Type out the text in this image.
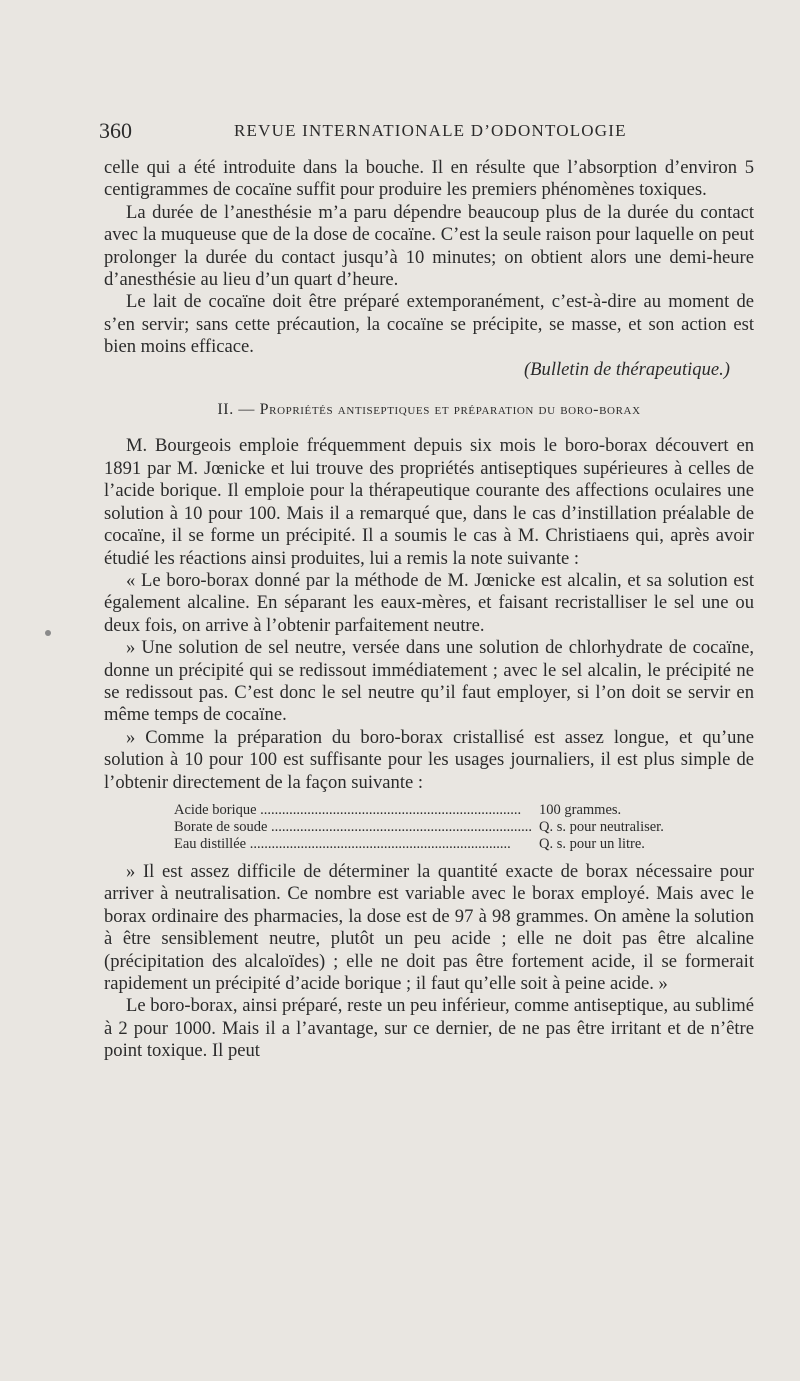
360	REVUE INTERNATIONALE D’ODONTOLOGIE

celle qui a été introduite dans la bouche. Il en résulte que l’absorption d’environ 5 centigrammes de cocaïne suffit pour produire les premiers phénomènes toxiques.

La durée de l’anesthésie m’a paru dépendre beaucoup plus de la durée du contact avec la muqueuse que de la dose de cocaïne. C’est la seule raison pour laquelle on peut prolonger la durée du contact jusqu’à 10 minutes; on obtient alors une demi-heure d’anesthésie au lieu d’un quart d’heure.

Le lait de cocaïne doit être préparé extemporanément, c’est-à-dire au moment de s’en servir; sans cette précaution, la cocaïne se précipite, se masse, et son action est bien moins efficace.

(Bulletin de thérapeutique.)

II. — Propriétés antiseptiques et préparation du boro-borax

M. Bourgeois emploie fréquemment depuis six mois le boro-borax découvert en 1891 par M. Jœnicke et lui trouve des propriétés antiseptiques supérieures à celles de l’acide borique. Il emploie pour la thérapeutique courante des affections oculaires une solution à 10 pour 100. Mais il a remarqué que, dans le cas d’instillation préalable de cocaïne, il se forme un précipité. Il a soumis le cas à M. Christiaens qui, après avoir étudié les réactions ainsi produites, lui a remis la note suivante :

« Le boro-borax donné par la méthode de M. Jœnicke est alcalin, et sa solution est également alcaline. En séparant les eaux-mères, et faisant recristalliser le sel une ou deux fois, on arrive à l’obtenir parfaitement neutre.

» Une solution de sel neutre, versée dans une solution de chlorhydrate de cocaïne, donne un précipité qui se redissout immédiatement ; avec le sel alcalin, le précipité ne se redissout pas. C’est donc le sel neutre qu’il faut employer, si l’on doit se servir en même temps de cocaïne.

» Comme la préparation du boro-borax cristallisé est assez longue, et qu’une solution à 10 pour 100 est suffisante pour les usages journaliers, il est plus simple de l’obtenir directement de la façon suivante :

Acide borique .....	100 grammes.
Borate de soude .....	Q. s. pour neutraliser.
Eau distillée .....	Q. s. pour un litre.

» Il est assez difficile de déterminer la quantité exacte de borax nécessaire pour arriver à neutralisation. Ce nombre est variable avec le borax employé. Mais avec le borax ordinaire des pharmacies, la dose est de 97 à 98 grammes. On amène la solution à être sensiblement neutre, plutôt un peu acide ; elle ne doit pas être alcaline (précipitation des alcaloïdes) ; elle ne doit pas être fortement acide, il se formerait rapidement un précipité d’acide borique ; il faut qu’elle soit à peine acide. »

Le boro-borax, ainsi préparé, reste un peu inférieur, comme antiseptique, au sublimé à 2 pour 1000. Mais il a l’avantage, sur ce dernier, de ne pas être irritant et de n’être point toxique. Il peut
